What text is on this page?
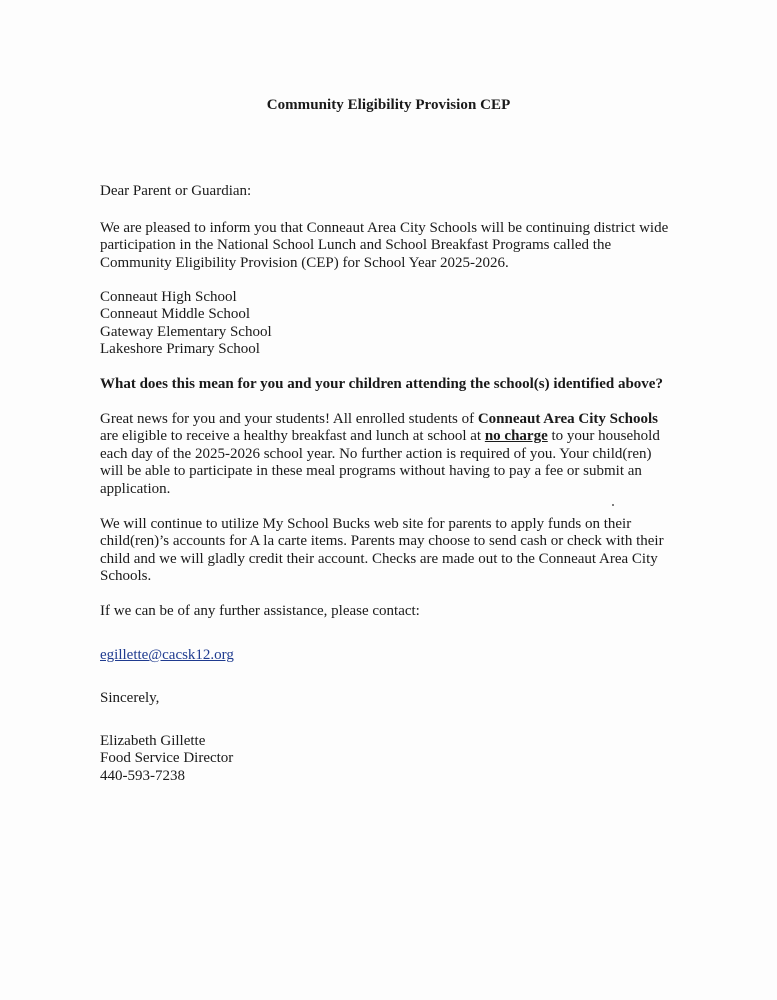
Community Eligibility Provision CEP
Dear Parent or Guardian:
We are pleased to inform you that Conneaut Area City Schools will be continuing district wide
participation in the National School Lunch and School Breakfast Programs called the
Community Eligibility Provision (CEP) for School Year 2025-2026.
Conneaut High School
Conneaut Middle School
Gateway Elementary School
Lakeshore Primary School
What does this mean for you and your children attending the school(s) identified above?
Great news for you and your students! All enrolled students of Conneaut Area City Schools
are eligible to receive a healthy breakfast and lunch at school at no charge to your household
each day of the 2025-2026 school year. No further action is required of you. Your child(ren)
will be able to participate in these meal programs without having to pay a fee or submit an
application.
We will continue to utilize My School Bucks web site for parents to apply funds on their
child(ren)’s accounts for A la carte items. Parents may choose to send cash or check with their
child and we will gladly credit their account. Checks are made out to the Conneaut Area City
Schools.
If we can be of any further assistance, please contact:
egillette@cacsk12.org
Sincerely,
Elizabeth Gillette
Food Service Director
440-593-7238
